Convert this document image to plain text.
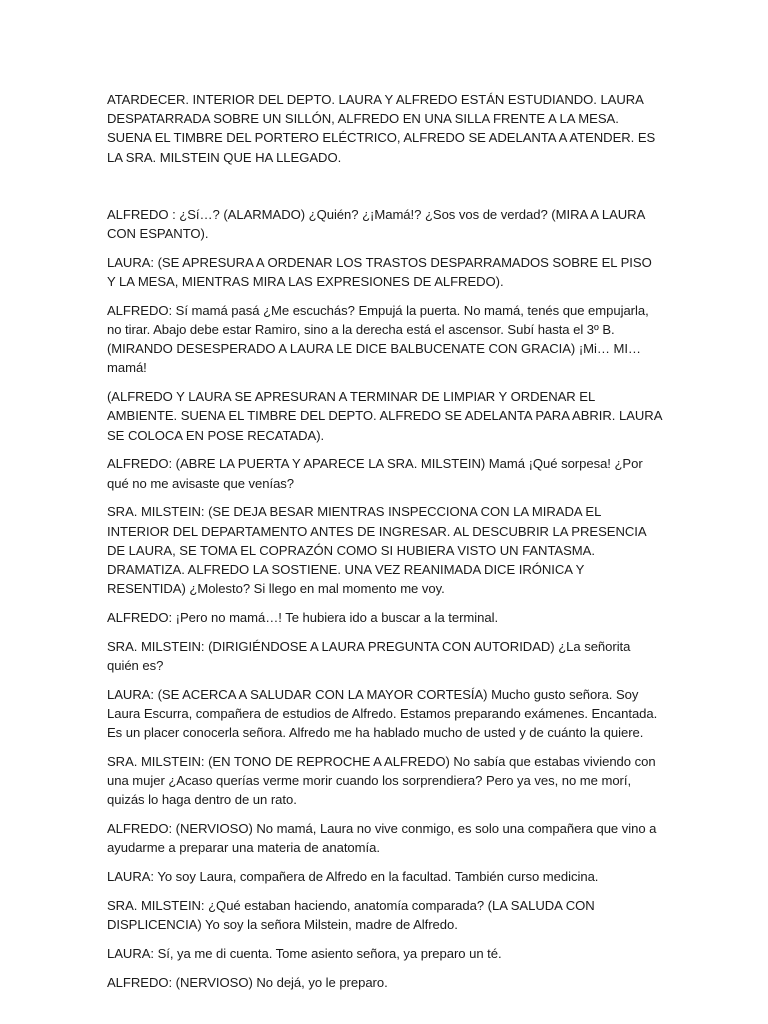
ATARDECER. INTERIOR DEL DEPTO. LAURA Y ALFREDO ESTÁN ESTUDIANDO. LAURA DESPATARRADA SOBRE UN SILLÓN, ALFREDO EN UNA SILLA FRENTE A LA MESA. SUENA EL TIMBRE DEL PORTERO ELÉCTRICO, ALFREDO SE ADELANTA A ATENDER. ES LA SRA. MILSTEIN QUE HA LLEGADO.

ALFREDO : ¿Sí…? (ALARMADO) ¿Quién? ¿¡Mamá!? ¿Sos vos de verdad? (MIRA A LAURA CON ESPANTO).

LAURA: (SE APRESURA A ORDENAR LOS TRASTOS DESPARRAMADOS SOBRE EL PISO Y LA MESA, MIENTRAS MIRA LAS EXPRESIONES DE ALFREDO).

ALFREDO: Sí mamá pasá ¿Me escuchás? Empujá la puerta. No mamá, tenés que empujarla, no tirar. Abajo debe estar Ramiro, sino a la derecha está el ascensor. Subí hasta el 3º B. (MIRANDO DESESPERADO A LAURA LE DICE BALBUCENATE CON GRACIA) ¡Mi… MI… mamá!

(ALFREDO Y LAURA SE APRESURAN A TERMINAR DE LIMPIAR Y ORDENAR EL AMBIENTE. SUENA EL TIMBRE DEL DEPTO. ALFREDO SE ADELANTA PARA ABRIR. LAURA SE COLOCA EN POSE RECATADA).

ALFREDO: (ABRE LA PUERTA Y APARECE LA SRA. MILSTEIN) Mamá ¡Qué sorpesa! ¿Por qué no me avisaste que venías?

SRA. MILSTEIN: (SE DEJA BESAR MIENTRAS INSPECCIONA CON LA MIRADA EL INTERIOR DEL DEPARTAMENTO ANTES DE INGRESAR. AL DESCUBRIR LA PRESENCIA DE LAURA, SE TOMA EL COPRAZÓN COMO SI HUBIERA VISTO UN FANTASMA. DRAMATIZA. ALFREDO LA SOSTIENE. UNA VEZ REANIMADA DICE IRÓNICA Y RESENTIDA) ¿Molesto? Si llego en mal momento me voy.

ALFREDO: ¡Pero no mamá…! Te hubiera ido a buscar a la terminal.

SRA. MILSTEIN: (DIRIGIÉNDOSE A LAURA PREGUNTA CON AUTORIDAD) ¿La señorita quién es?

LAURA: (SE ACERCA A SALUDAR CON LA MAYOR CORTESÍA) Mucho gusto señora. Soy Laura Escurra, compañera de estudios de Alfredo. Estamos preparando exámenes. Encantada. Es un placer conocerla señora. Alfredo me ha hablado mucho de usted y de cuánto la quiere.

SRA. MILSTEIN: (EN TONO DE REPROCHE A ALFREDO) No sabía que estabas viviendo con una mujer ¿Acaso querías verme morir cuando los sorprendiera? Pero ya ves, no me morí, quizás lo haga dentro de un rato.

ALFREDO: (NERVIOSO) No mamá, Laura no vive conmigo, es solo una compañera que vino a ayudarme a preparar una materia de anatomía.

LAURA: Yo soy Laura, compañera de Alfredo en la facultad. También curso medicina.

SRA. MILSTEIN: ¿Qué estaban haciendo, anatomía comparada? (LA SALUDA CON DISPLICENCIA) Yo soy la señora Milstein, madre de Alfredo.

LAURA: Sí, ya me di cuenta. Tome asiento señora, ya preparo un té.

ALFREDO: (NERVIOSO) No dejá, yo le preparo.
